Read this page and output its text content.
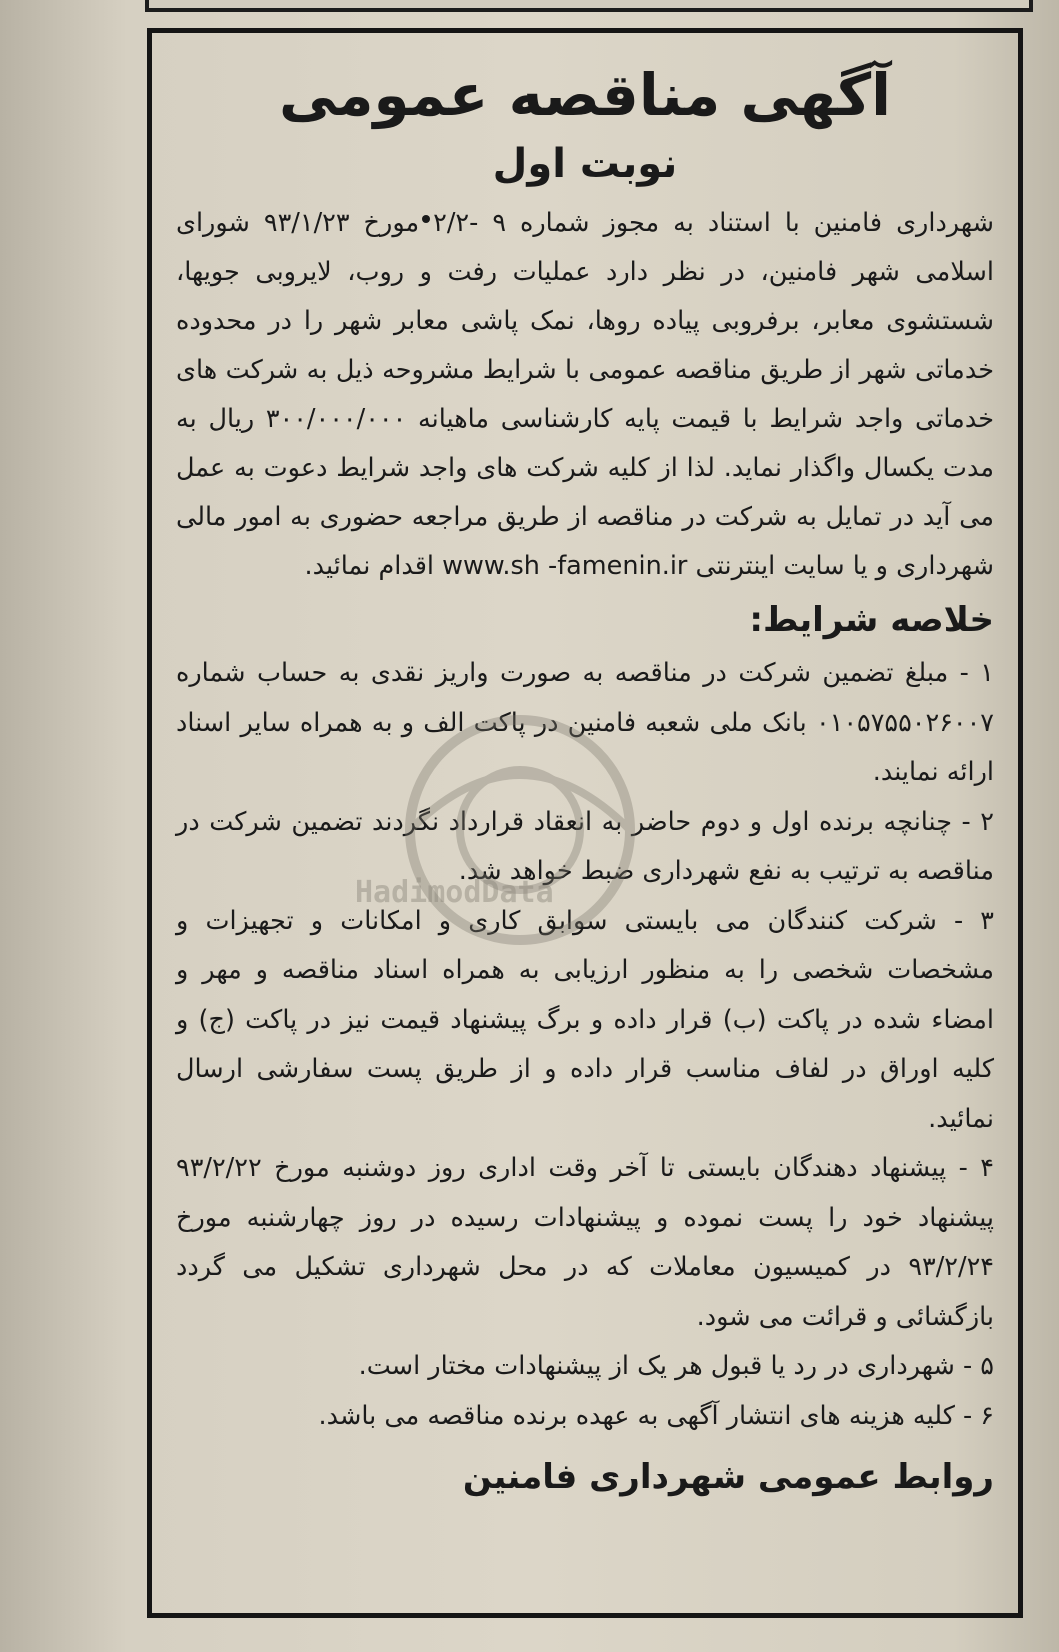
آگهی مناقصه عمومی
نوبت اول

شهرداری فامنین با استناد به مجوز شماره ۹ -۲/۲ مورخ ۹۳/۱/۲۳ شورای اسلامی شهر فامنین، در نظر دارد عملیات رفت و روب، لایروبی جویها، شستشوی معابر، برفروبی پیاده روها، نمک پاشی معابر شهر را در محدوده خدماتی شهر از طریق مناقصه عمومی با شرایط مشروحه ذیل به شرکت های خدماتی واجد شرایط با قیمت پایه کارشناسی ماهیانه ۳۰۰/۰۰۰/۰۰۰ ریال به مدت یکسال واگذار نماید. لذا از کلیه شرکت های واجد شرایط دعوت به عمل می آید در تمایل به شرکت در مناقصه از طریق مراجعه حضوری به امور مالی شهرداری و یا سایت اینترنتی www.sh -famenin.ir اقدام نمائید.

خلاصه شرایط:

۱ - مبلغ تضمین شرکت در مناقصه به صورت واریز نقدی به حساب شماره ۰۱۰۵۷۵۵۰۲۶۰۰۷ بانک ملی شعبه فامنین در پاکت الف و به همراه سایر اسناد ارائه نمایند.

۲ - چنانچه برنده اول و دوم حاضر به انعقاد قرارداد نگردند تضمین شرکت در مناقصه به ترتیب به نفع شهرداری ضبط خواهد شد.

۳ - شرکت کنندگان می بایستی سوابق کاری و امکانات و تجهیزات و مشخصات شخصی را به منظور ارزیابی به همراه اسناد مناقصه و مهر و امضاء شده در پاکت (ب) قرار داده و برگ پیشنهاد قیمت نیز در پاکت (ج) و کلیه اوراق در لفاف مناسب قرار داده و از طریق پست سفارشی ارسال نمائید.

۴ - پیشنهاد دهندگان بایستی تا آخر وقت اداری روز دوشنبه مورخ ۹۳/۲/۲۲ پیشنهاد خود را پست نموده و پیشنهادات رسیده در روز چهارشنبه مورخ ۹۳/۲/۲۴ در کمیسیون معاملات که در محل شهرداری تشکیل می گردد بازگشائی و قرائت می شود.

۵ - شهرداری در رد یا قبول هر یک از پیشنهادات مختار است.

۶ - کلیه هزینه های انتشار آگهی به عهده برنده مناقصه می باشد.

روابط عمومی شهرداری فامنین
HadimodData
